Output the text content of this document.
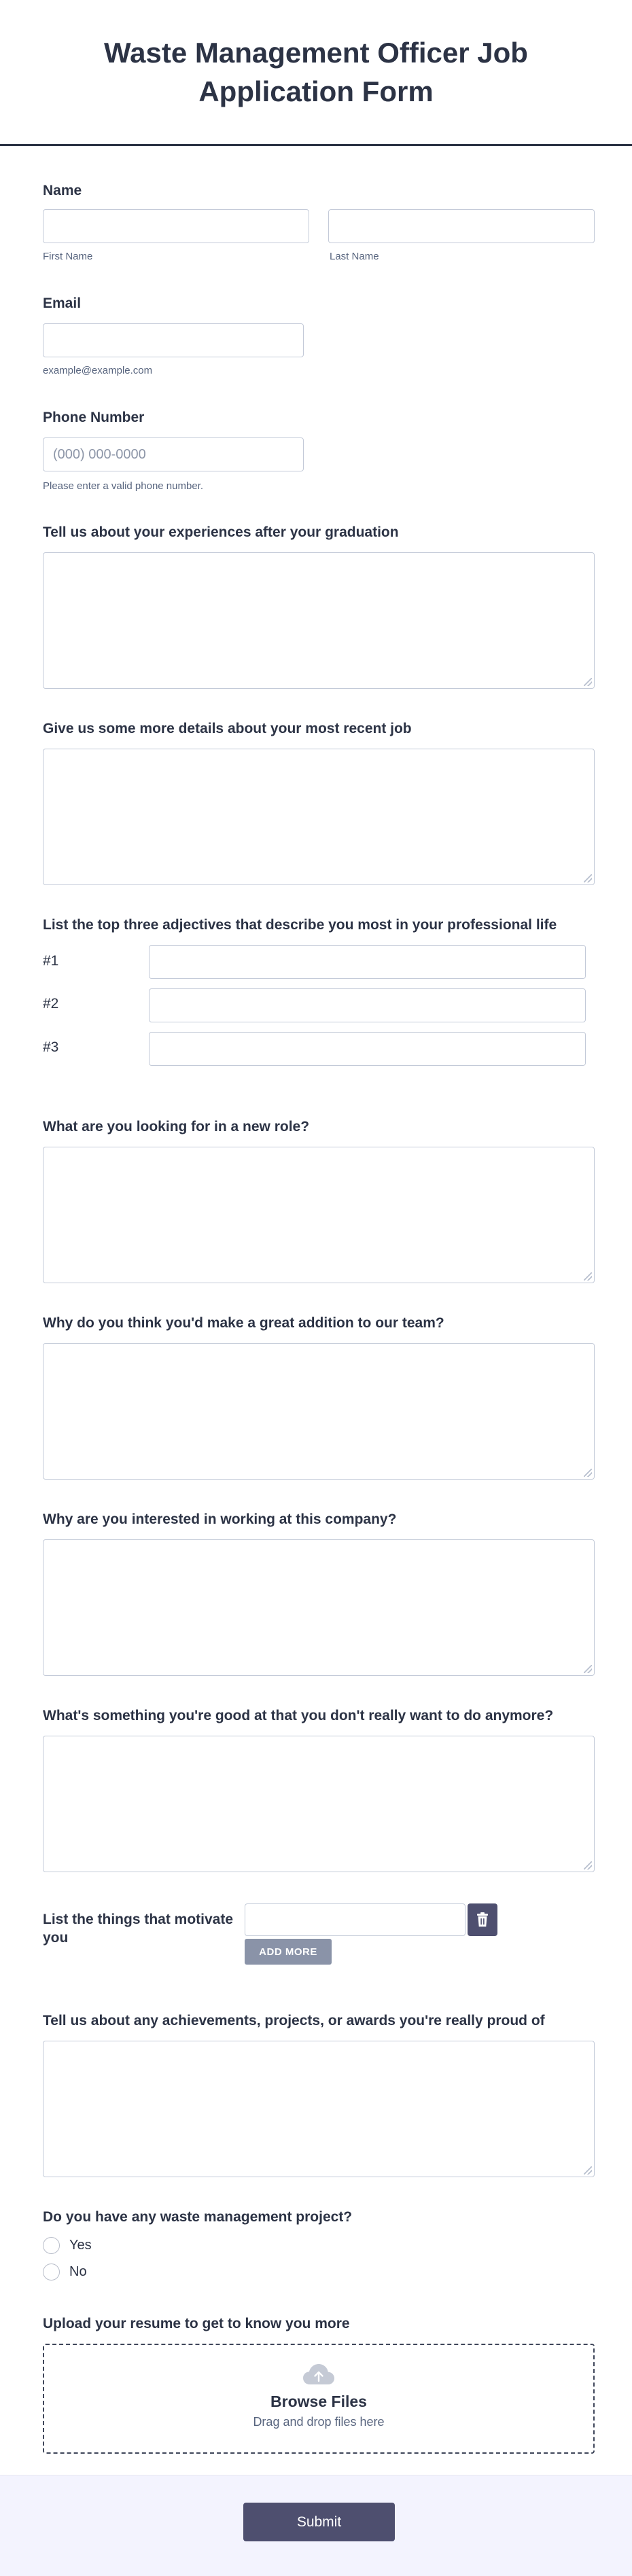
Waste Management Officer Job Application Form
Name
First Name	Last Name
Email
example@example.com
Phone Number
(000) 000-0000
Please enter a valid phone number.
Tell us about your experiences after your graduation
Give us some more details about your most recent job
List the top three adjectives that describe you most in your professional life
#1
#2
#3
What are you looking for in a new role?
Why do you think you'd make a great addition to our team?
Why are you interested in working at this company?
What's something you're good at that you don't really want to do anymore?
List the things that motivate you
ADD MORE
Tell us about any achievements, projects, or awards you're really proud of
Do you have any waste management project?
Yes
No
Upload your resume to get to know you more
Browse Files
Drag and drop files here
Submit
